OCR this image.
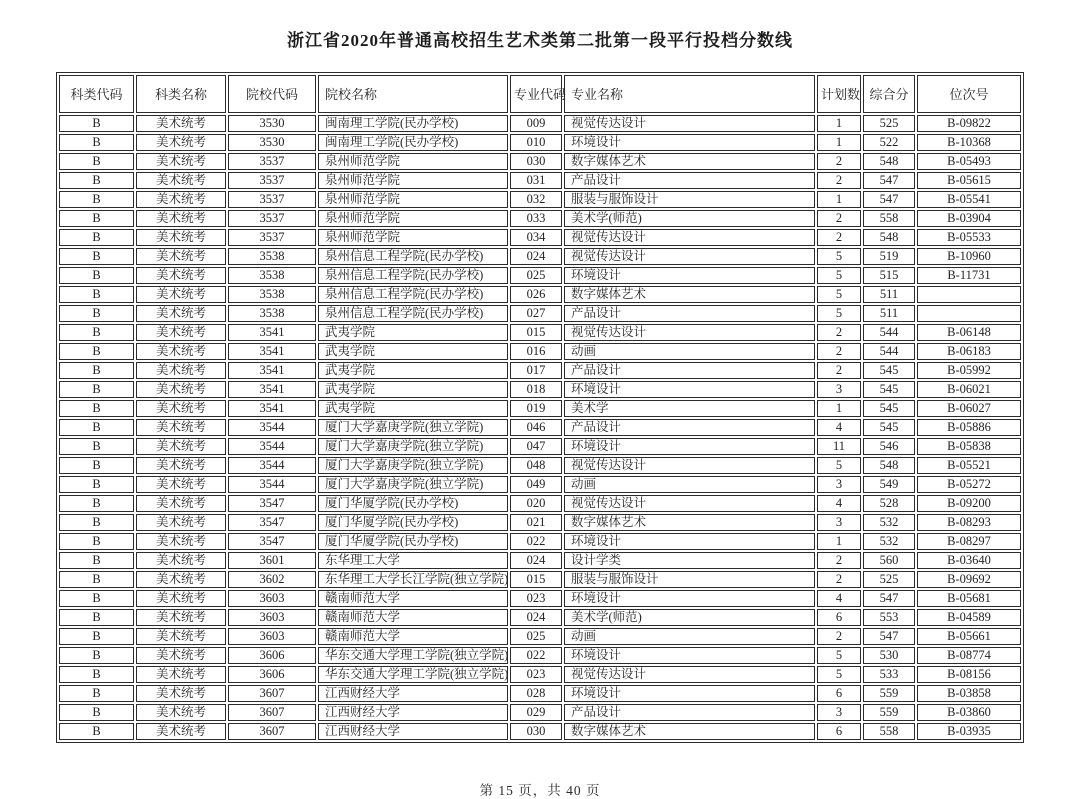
浙江省2020年普通高校招生艺术类第二批第一段平行投档分数线
科类代码	科类名称	院校代码	院校名称	专业代码	专业名称	计划数	综合分	位次号
B	美术统考	3530	闽南理工学院(民办学校)	009	视觉传达设计	1	525	B-09822
B	美术统考	3530	闽南理工学院(民办学校)	010	环境设计	1	522	B-10368
B	美术统考	3537	泉州师范学院	030	数字媒体艺术	2	548	B-05493
B	美术统考	3537	泉州师范学院	031	产品设计	2	547	B-05615
B	美术统考	3537	泉州师范学院	032	服装与服饰设计	1	547	B-05541
B	美术统考	3537	泉州师范学院	033	美术学(师范)	2	558	B-03904
B	美术统考	3537	泉州师范学院	034	视觉传达设计	2	548	B-05533
B	美术统考	3538	泉州信息工程学院(民办学校)	024	视觉传达设计	5	519	B-10960
B	美术统考	3538	泉州信息工程学院(民办学校)	025	环境设计	5	515	B-11731
B	美术统考	3538	泉州信息工程学院(民办学校)	026	数字媒体艺术	5	511	
B	美术统考	3538	泉州信息工程学院(民办学校)	027	产品设计	5	511	
B	美术统考	3541	武夷学院	015	视觉传达设计	2	544	B-06148
B	美术统考	3541	武夷学院	016	动画	2	544	B-06183
B	美术统考	3541	武夷学院	017	产品设计	2	545	B-05992
B	美术统考	3541	武夷学院	018	环境设计	3	545	B-06021
B	美术统考	3541	武夷学院	019	美术学	1	545	B-06027
B	美术统考	3544	厦门大学嘉庚学院(独立学院)	046	产品设计	4	545	B-05886
B	美术统考	3544	厦门大学嘉庚学院(独立学院)	047	环境设计	11	546	B-05838
B	美术统考	3544	厦门大学嘉庚学院(独立学院)	048	视觉传达设计	5	548	B-05521
B	美术统考	3544	厦门大学嘉庚学院(独立学院)	049	动画	3	549	B-05272
B	美术统考	3547	厦门华厦学院(民办学校)	020	视觉传达设计	4	528	B-09200
B	美术统考	3547	厦门华厦学院(民办学校)	021	数字媒体艺术	3	532	B-08293
B	美术统考	3547	厦门华厦学院(民办学校)	022	环境设计	1	532	B-08297
B	美术统考	3601	东华理工大学	024	设计学类	2	560	B-03640
B	美术统考	3602	东华理工大学长江学院(独立学院)	015	服装与服饰设计	2	525	B-09692
B	美术统考	3603	赣南师范大学	023	环境设计	4	547	B-05681
B	美术统考	3603	赣南师范大学	024	美术学(师范)	6	553	B-04589
B	美术统考	3603	赣南师范大学	025	动画	2	547	B-05661
B	美术统考	3606	华东交通大学理工学院(独立学院)	022	环境设计	5	530	B-08774
B	美术统考	3606	华东交通大学理工学院(独立学院)	023	视觉传达设计	5	533	B-08156
B	美术统考	3607	江西财经大学	028	环境设计	6	559	B-03858
B	美术统考	3607	江西财经大学	029	产品设计	3	559	B-03860
B	美术统考	3607	江西财经大学	030	数字媒体艺术	6	558	B-03935
第 15 页，共 40 页
